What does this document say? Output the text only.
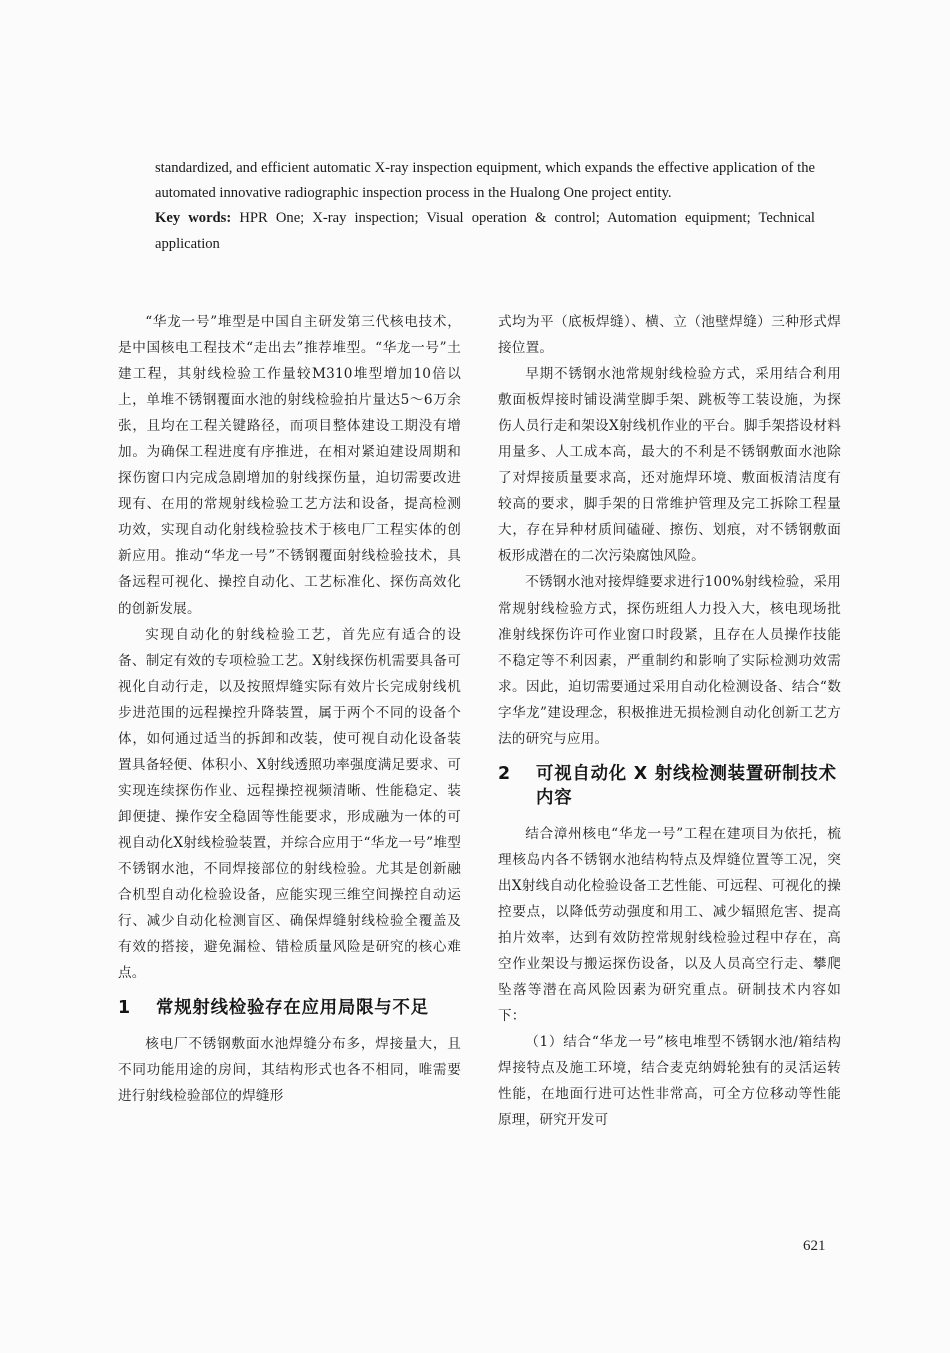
standardized, and efficient automatic X-ray inspection equipment, which expands the effective application of the automated innovative radiographic inspection process in the Hualong One project entity.

Key words: HPR One; X-ray inspection; Visual operation & control; Automation equipment; Technical application

“华龙一号”堆型是中国自主研发第三代核电技术，是中国核电工程技术“走出去”推荐堆型。“华龙一号”土建工程，其射线检验工作量较M310堆型增加10倍以上，单堆不锈钢覆面水池的射线检验拍片量达5～6万余张，且均在工程关键路径，而项目整体建设工期没有增加。为确保工程进度有序推进，在相对紧迫建设周期和探伤窗口内完成急剧增加的射线探伤量，迫切需要改进现有、在用的常规射线检验工艺方法和设备，提高检测功效，实现自动化射线检验技术于核电厂工程实体的创新应用。推动“华龙一号”不锈钢覆面射线检验技术，具备远程可视化、操控自动化、工艺标准化、探伤高效化的创新发展。

实现自动化的射线检验工艺，首先应有适合的设备、制定有效的专项检验工艺。X射线探伤机需要具备可视化自动行走，以及按照焊缝实际有效片长完成射线机步进范围的远程操控升降装置，属于两个不同的设备个体，如何通过适当的拆卸和改装，使可视自动化设备装置具备轻便、体积小、X射线透照功率强度满足要求、可实现连续探伤作业、远程操控视频清晰、性能稳定、装卸便捷、操作安全稳固等性能要求，形成融为一体的可视自动化X射线检验装置，并综合应用于“华龙一号”堆型不锈钢水池，不同焊接部位的射线检验。尤其是创新融合机型自动化检验设备，应能实现三维空间操控自动运行、减少自动化检测盲区、确保焊缝射线检验全覆盖及有效的搭接，避免漏检、错检质量风险是研究的核心难点。

1	常规射线检验存在应用局限与不足

核电厂不锈钢敷面水池焊缝分布多，焊接量大，且不同功能用途的房间，其结构形式也各不相同，唯需要进行射线检验部位的焊缝形

式均为平（底板焊缝）、横、立（池壁焊缝）三种形式焊接位置。

早期不锈钢水池常规射线检验方式，采用结合利用敷面板焊接时铺设满堂脚手架、跳板等工装设施，为探伤人员行走和架设X射线机作业的平台。脚手架搭设材料用量多、人工成本高，最大的不利是不锈钢敷面水池除了对焊接质量要求高，还对施焊环境、敷面板清洁度有较高的要求，脚手架的日常维护管理及完工拆除工程量大，存在异种材质间磕碰、擦伤、划痕，对不锈钢敷面板形成潜在的二次污染腐蚀风险。

不锈钢水池对接焊缝要求进行100%射线检验，采用常规射线检验方式，探伤班组人力投入大，核电现场批准射线探伤许可作业窗口时段紧，且存在人员操作技能不稳定等不利因素，严重制约和影响了实际检测功效需求。因此，迫切需要通过采用自动化检测设备、结合“数字华龙”建设理念，积极推进无损检测自动化创新工艺方法的研究与应用。

2	可视自动化 X 射线检测装置研制技术内容

结合漳州核电“华龙一号”工程在建项目为依托，梳理核岛内各不锈钢水池结构特点及焊缝位置等工况，突出X射线自动化检验设备工艺性能、可远程、可视化的操控要点，以降低劳动强度和用工、减少辐照危害、提高拍片效率，达到有效防控常规射线检验过程中存在，高空作业架设与搬运探伤设备，以及人员高空行走、攀爬坠落等潜在高风险因素为研究重点。研制技术内容如下：

（1）结合“华龙一号”核电堆型不锈钢水池/箱结构焊接特点及施工环境，结合麦克纳姆轮独有的灵活运转性能，在地面行进可达性非常高，可全方位移动等性能原理，研究开发可

621
